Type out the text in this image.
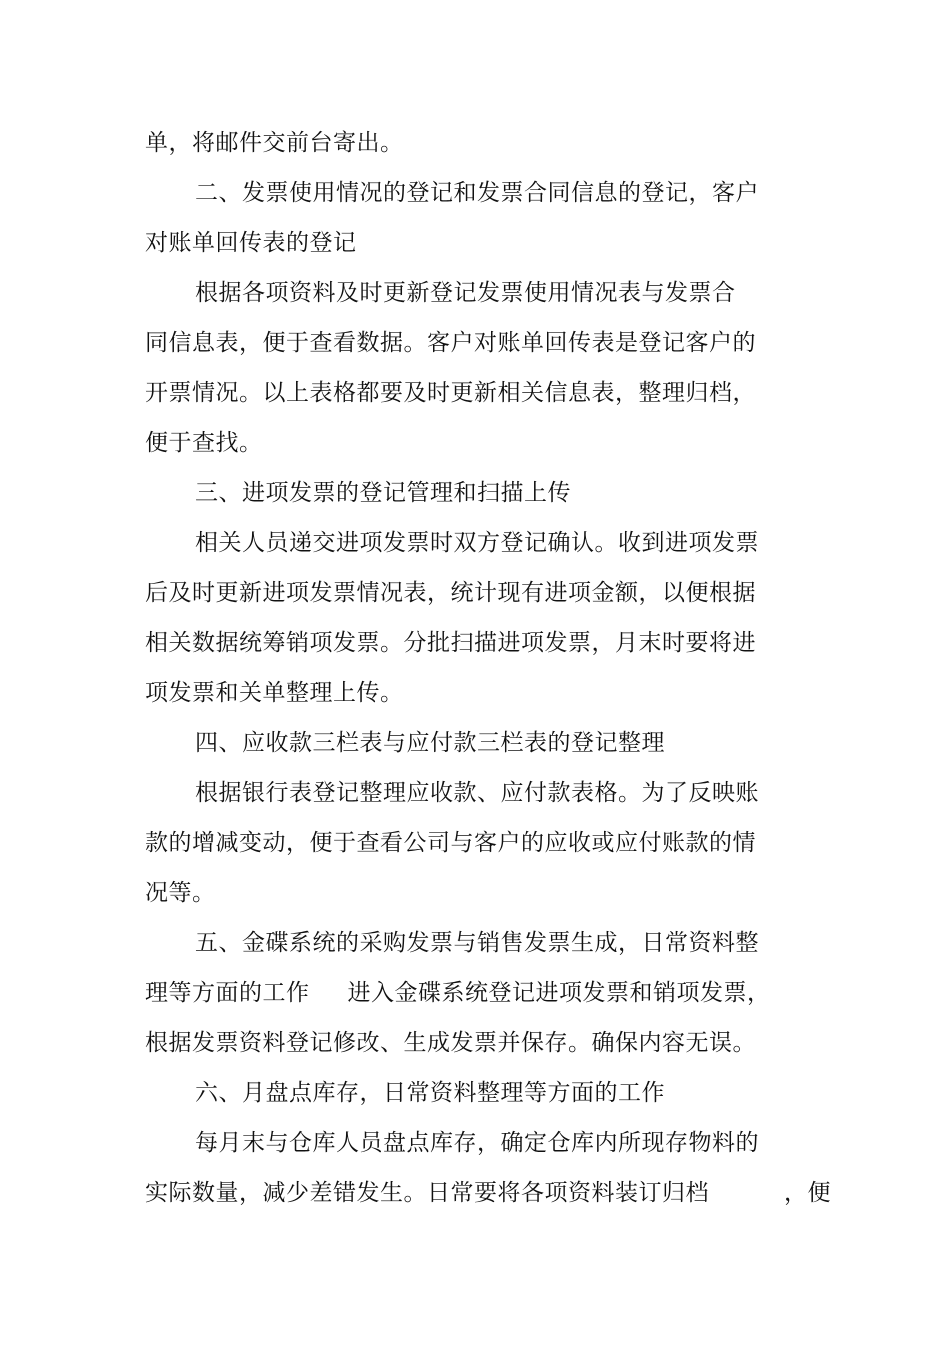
单，将邮件交前台寄出。
二、发票使用情况的登记和发票合同信息的登记，客户
对账单回传表的登记
根据各项资料及时更新登记发票使用情况表与发票合
同信息表，便于查看数据。客户对账单回传表是登记客户的
开票情况。以上表格都要及时更新相关信息表，整理归档，
便于查找。
三、进项发票的登记管理和扫描上传
相关人员递交进项发票时双方登记确认。收到进项发票
后及时更新进项发票情况表，统计现有进项金额，以便根据
相关数据统筹销项发票。分批扫描进项发票，月末时要将进
项发票和关单整理上传。
四、应收款三栏表与应付款三栏表的登记整理
根据银行表登记整理应收款、应付款表格。为了反映账
款的增减变动，便于查看公司与客户的应收或应付账款的情
况等。
五、金碟系统的采购发票与销售发票生成，日常资料整
理等方面的工作 进入金碟系统登记进项发票和销项发票，
根据发票资料登记修改、生成发票并保存。确保内容无误。
六、月盘点库存，日常资料整理等方面的工作
每月末与仓库人员盘点库存，确定仓库内所现存物料的
实际数量，减少差错发生。日常要将各项资料装订归档	，便
